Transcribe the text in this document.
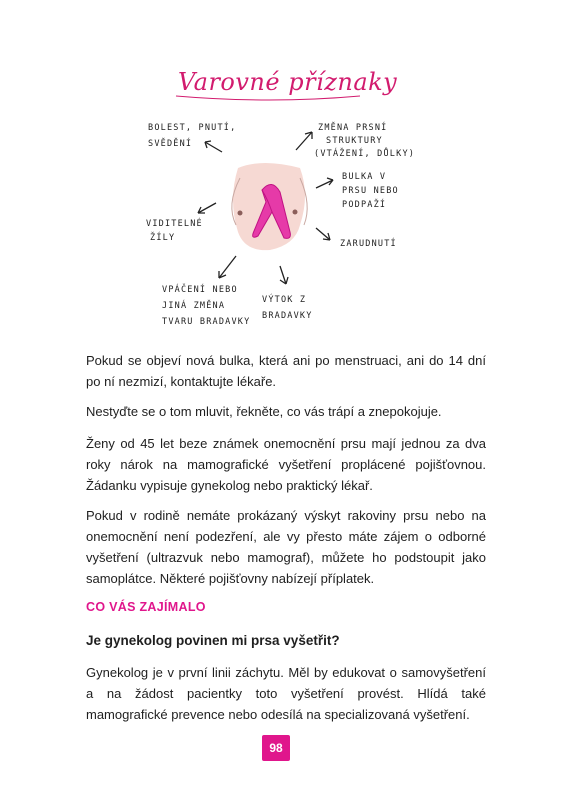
Varovné příznaky
BOLEST, PNUTÍ,
SVĚDĚNÍ
ZMĚNA PRSNÍ
STRUKTURY
(VTÁŽENÍ, DŮLKY)
BULKA V
PRSU NEBO
PODPAŽÍ
VIDITELNÉ
ŽÍLY
ZARUDNUTÍ
VPÁČENÍ NEBO
JINÁ ZMĚNA
TVARU BRADAVKY
VÝTOK Z
BRADAVKY

Pokud se objeví nová bulka, která ani po menstruaci, ani do 14 dní po ní nezmizí, kontaktujte lékaře.

Nestyďte se o tom mluvit, řekněte, co vás trápí a znepokojuje.

Ženy od 45 let beze známek onemocnění prsu mají jednou za dva roky nárok na mamografické vyšetření proplácené pojišťovnou. Žádanku vypisuje gynekolog nebo praktický lékař.

Pokud v rodině nemáte prokázaný výskyt rakoviny prsu nebo na onemocnění není podezření, ale vy přesto máte zájem o odborné vyšetření (ultrazvuk nebo mamograf), můžete ho podstoupit jako samoplátce. Některé pojišťovny nabízejí příplatek.

CO VÁS ZAJÍMALO

Je gynekolog povinen mi prsa vyšetřit?

Gynekolog je v první linii záchytu. Měl by edukovat o samovyšetření a na žádost pacientky toto vyšetření provést. Hlídá také mamografické prevence nebo odesílá na specializovaná vyšetření.

98
